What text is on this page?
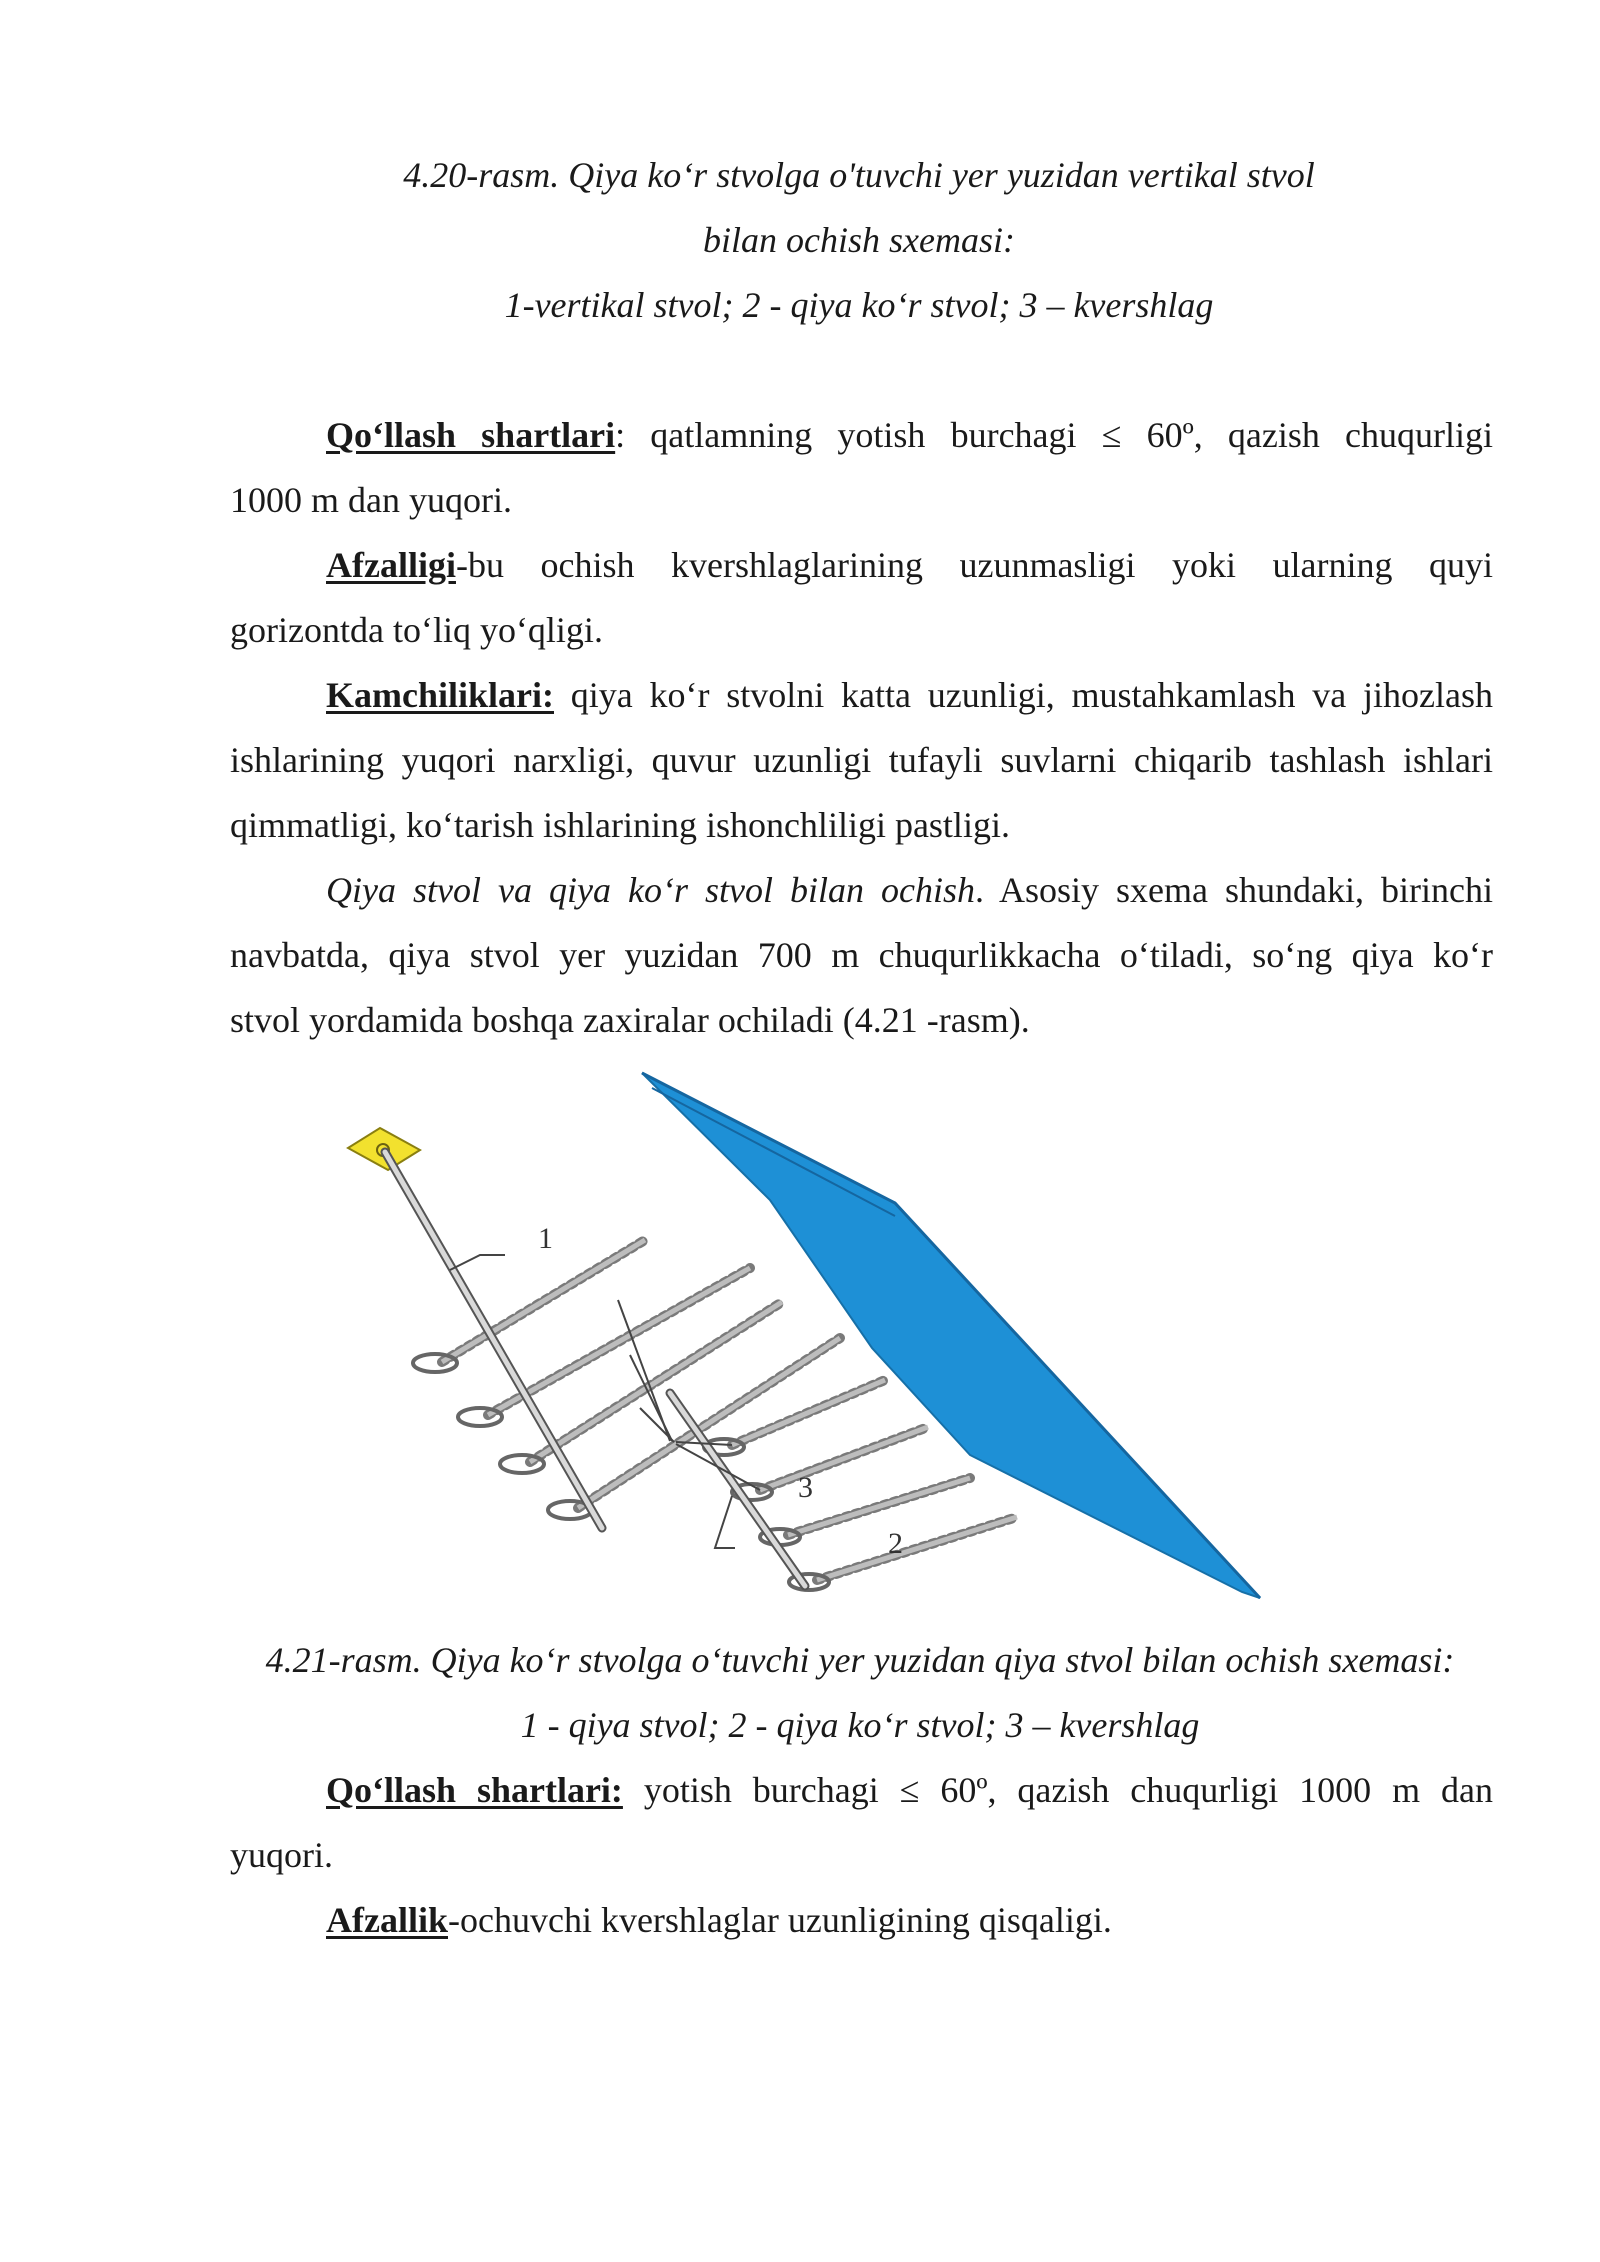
4.20-rasm. Qiya ko‘r stvolga o'tuvchi yer yuzidan vertikal stvol
bilan ochish sxemasi:
1-vertikal stvol; 2 - qiya ko‘r stvol; 3 – kvershlag
Qo‘llash shartlari: qatlamning yotish burchagi ≤ 60º, qazish chuqurligi
1000 m dan yuqori.
Afzalligi-bu ochish kvershlaglarining uzunmasligi yoki ularning quyi
gorizontda to‘liq yo‘qligi.
Kamchiliklari: qiya ko‘r stvolni katta uzunligi, mustahkamlash va jihozlash
ishlarining yuqori narxligi, quvur uzunligi tufayli suvlarni chiqarib tashlash ishlari
qimmatligi, ko‘tarish ishlarining ishonchliligi pastligi.
Qiya stvol va qiya ko‘r stvol bilan ochish. Asosiy sxema shundaki, birinchi
navbatda, qiya stvol yer yuzidan 700 m chuqurlikkacha o‘tiladi, so‘ng qiya ko‘r
stvol yordamida boshqa zaxiralar ochiladi (4.21 -rasm).
1
3
2
4.21-rasm. Qiya ko‘r stvolga o‘tuvchi yer yuzidan qiya stvol bilan ochish sxemasi:
1 - qiya stvol; 2 - qiya ko‘r stvol; 3 – kvershlag
Qo‘llash shartlari: yotish burchagi ≤ 60º, qazish chuqurligi 1000 m dan
yuqori.
Afzallik-ochuvchi kvershlaglar uzunligining qisqaligi.
